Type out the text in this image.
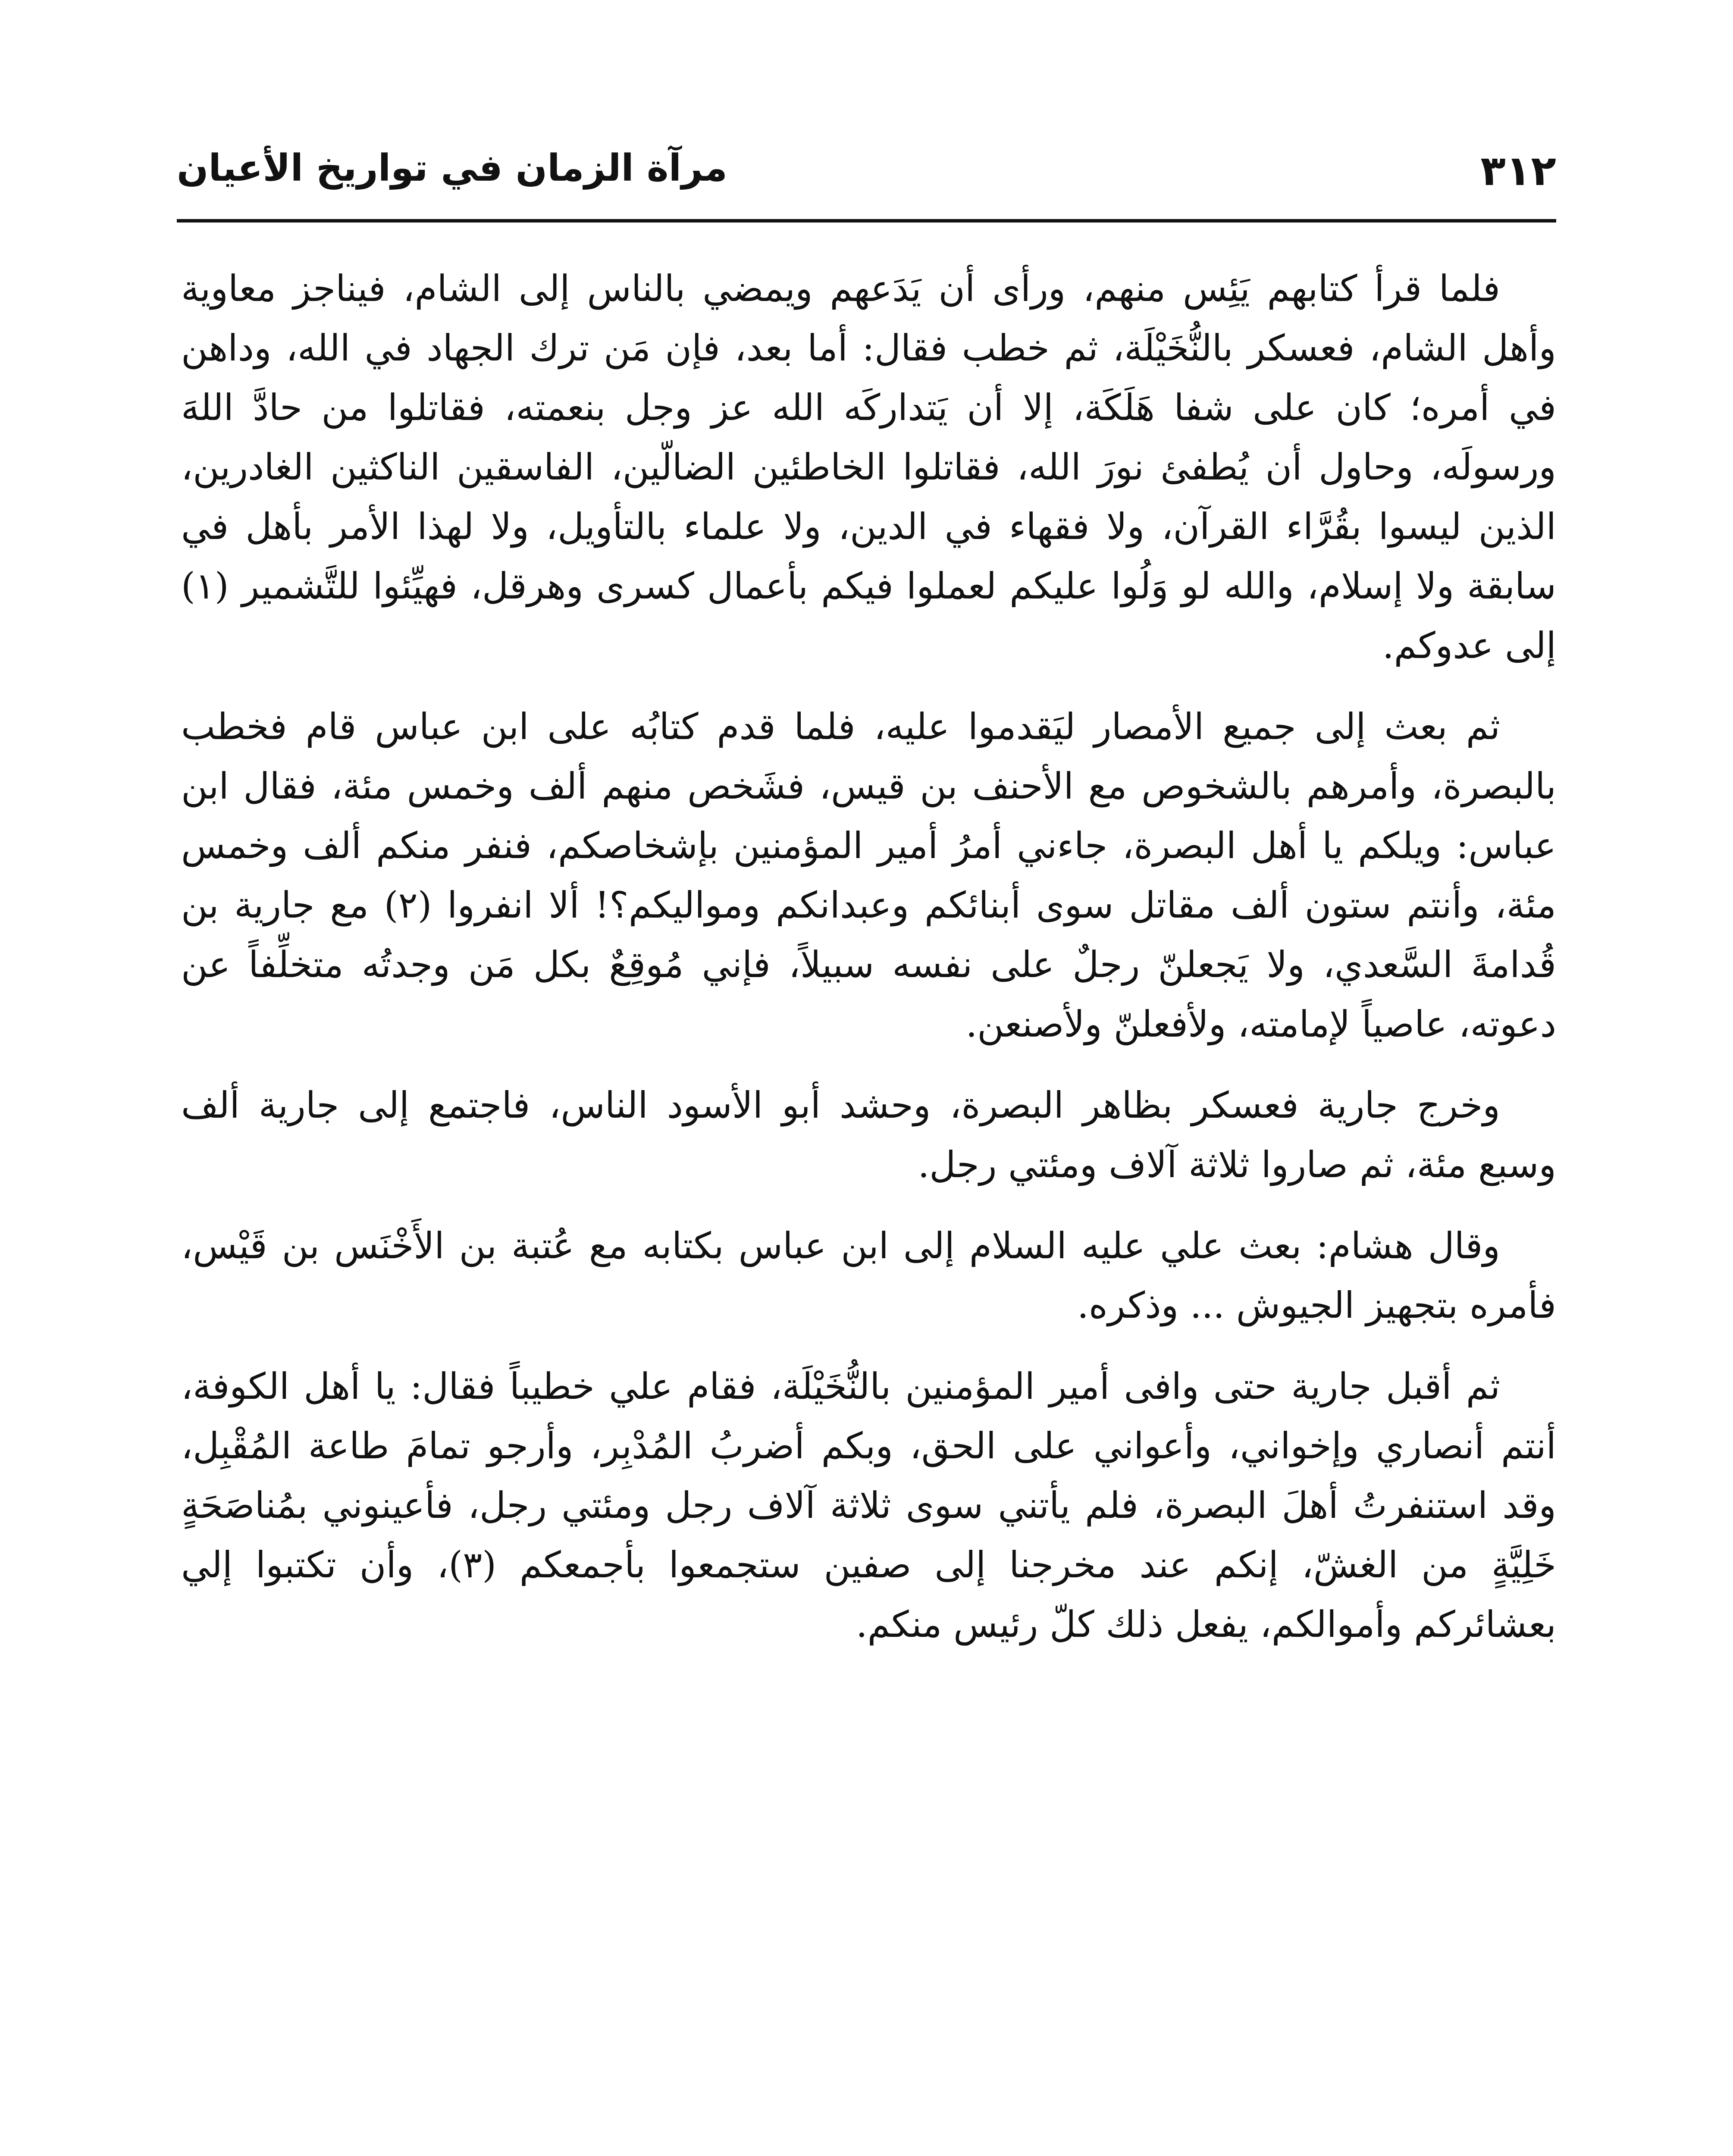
٣١٢
مرآة الزمان في تواريخ الأعيان

فلما قرأ كتابهم يَئِس منهم، ورأى أن يَدَعهم ويمضي بالناس إلى الشام، فيناجز معاوية وأهل الشام، فعسكر بالنُّخَيْلَة، ثم خطب فقال: أما بعد، فإن مَن ترك الجهاد في الله، وداهن في أمره؛ كان على شفا هَلَكَة، إلا أن يَتداركَه الله عز وجل بنعمته، فقاتلوا من حادَّ اللهَ ورسولَه، وحاول أن يُطفئ نورَ الله، فقاتلوا الخاطئين الضالّين، الفاسقين الناكثين الغادرين، الذين ليسوا بقُرَّاء القرآن، ولا فقهاء في الدين، ولا علماء بالتأويل، ولا لهذا الأمر بأهل في سابقة ولا إسلام، والله لو وَلُوا عليكم لعملوا فيكم بأعمال كسرى وهرقل، فهيِّئوا للتَّشمير (١) إلى عدوكم.

ثم بعث إلى جميع الأمصار ليَقدموا عليه، فلما قدم كتابُه على ابن عباس قام فخطب بالبصرة، وأمرهم بالشخوص مع الأحنف بن قيس، فشَخص منهم ألف وخمس مئة، فقال ابن عباس: ويلكم يا أهل البصرة، جاءني أمرُ أمير المؤمنين بإشخاصكم، فنفر منكم ألف وخمس مئة، وأنتم ستون ألف مقاتل سوى أبنائكم وعبدانكم ومواليكم؟! ألا انفروا (٢) مع جارية بن قُدامةَ السَّعدي، ولا يَجعلنّ رجلٌ على نفسه سبيلاً، فإني مُوقِعٌ بكل مَن وجدتُه متخلِّفاً عن دعوته، عاصياً لإمامته، ولأفعلنّ ولأصنعن.

وخرج جارية فعسكر بظاهر البصرة، وحشد أبو الأسود الناس، فاجتمع إلى جارية ألف وسبع مئة، ثم صاروا ثلاثة آلاف ومئتي رجل.

وقال هشام: بعث علي عليه السلام إلى ابن عباس بكتابه مع عُتبة بن الأَخْنَس بن قَيْس، فأمره بتجهيز الجيوش ... وذكره.

ثم أقبل جارية حتى وافى أمير المؤمنين بالنُّخَيْلَة، فقام علي خطيباً فقال: يا أهل الكوفة، أنتم أنصاري وإخواني، وأعواني على الحق، وبكم أضربُ المُدْبِر، وأرجو تمامَ طاعة المُقْبِل، وقد استنفرتُ أهلَ البصرة، فلم يأتني سوى ثلاثة آلاف رجل ومئتي رجل، فأعينوني بمُناصَحَةٍ خَلِيَّةٍ من الغشّ، إنكم عند مخرجنا إلى صفين ستجمعوا بأجمعكم (٣)، وأن تكتبوا إلي بعشائركم وأموالكم، يفعل ذلك كلّ رئيس منكم.
